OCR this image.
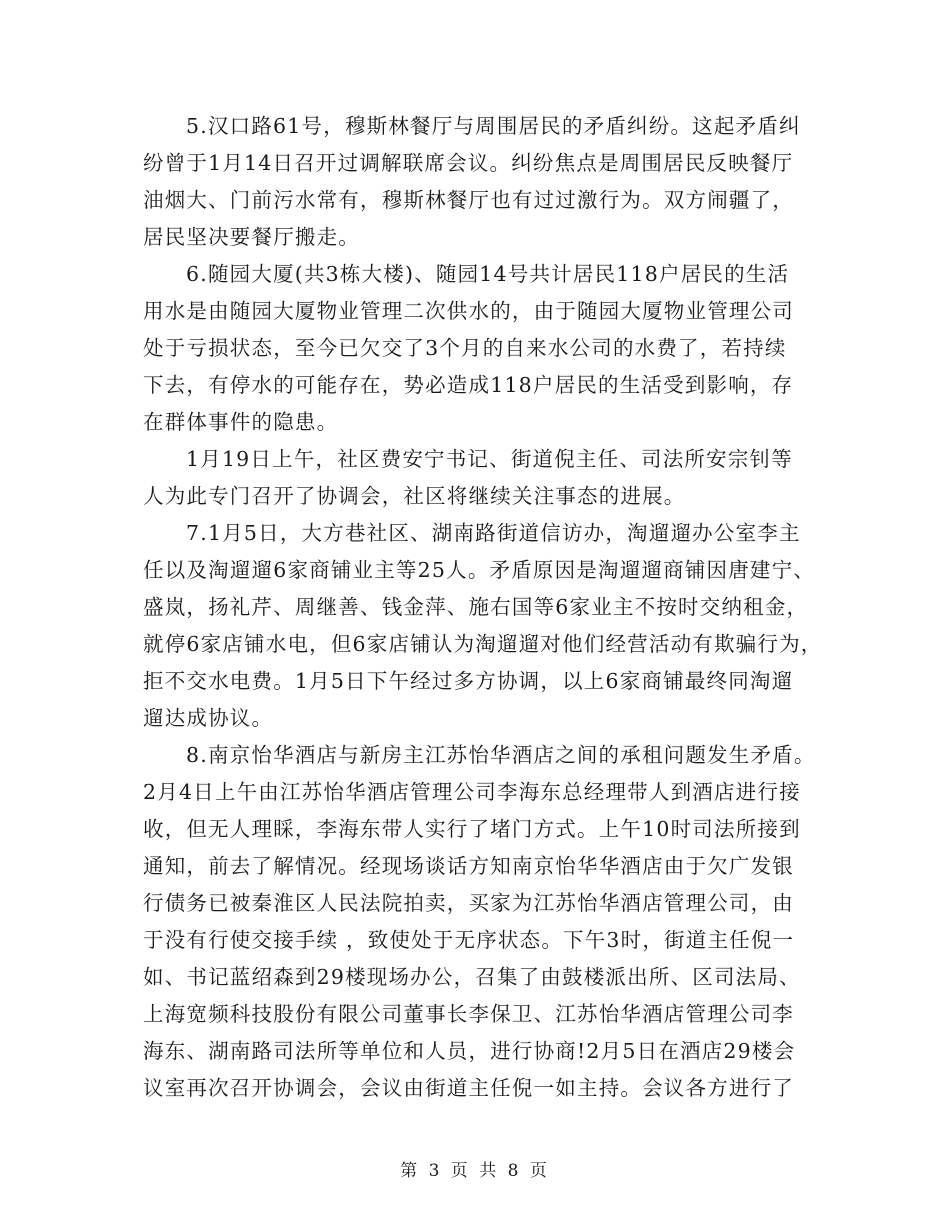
5.汉口路61号，穆斯林餐厅与周围居民的矛盾纠纷。这起矛盾纠
纷曾于1月14日召开过调解联席会议。纠纷焦点是周围居民反映餐厅
油烟大、门前污水常有，穆斯林餐厅也有过过激行为。双方闹疆了，
居民坚决要餐厅搬走。
6.随园大厦(共3栋大楼)、随园14号共计居民118户居民的生活
用水是由随园大厦物业管理二次供水的，由于随园大厦物业管理公司
处于亏损状态，至今已欠交了3个月的自来水公司的水费了，若持续
下去，有停水的可能存在，势必造成118户居民的生活受到影响，存
在群体事件的隐患。
1月19日上午，社区费安宁书记、街道倪主任、司法所安宗钊等
人为此专门召开了协调会，社区将继续关注事态的进展。
7.1月5日，大方巷社区、湖南路街道信访办，淘遛遛办公室李主
任以及淘遛遛6家商铺业主等25人。矛盾原因是淘遛遛商铺因唐建宁、
盛岚，扬礼芹、周继善、钱金萍、施右国等6家业主不按时交纳租金，
就停6家店铺水电，但6家店铺认为淘遛遛对他们经营活动有欺骗行为，
拒不交水电费。1月5日下午经过多方协调，以上6家商铺最终同淘遛
遛达成协议。
8.南京怡华酒店与新房主江苏怡华酒店之间的承租问题发生矛盾。
2月4日上午由江苏怡华酒店管理公司李海东总经理带人到酒店进行接
收，但无人理睬，李海东带人实行了堵门方式。上午10时司法所接到
通知，前去了解情况。经现场谈话方知南京怡华华酒店由于欠广发银
行债务已被秦淮区人民法院拍卖，买家为江苏怡华酒店管理公司，由
于没有行使交接手续 ，致使处于无序状态。下午3时，街道主任倪一
如、书记蓝绍森到29楼现场办公，召集了由鼓楼派出所、区司法局、
上海宽频科技股份有限公司董事长李保卫、江苏怡华酒店管理公司李
海东、湖南路司法所等单位和人员，进行协商!2月5日在酒店29楼会
议室再次召开协调会，会议由街道主任倪一如主持。会议各方进行了
第 3 页 共 8 页
